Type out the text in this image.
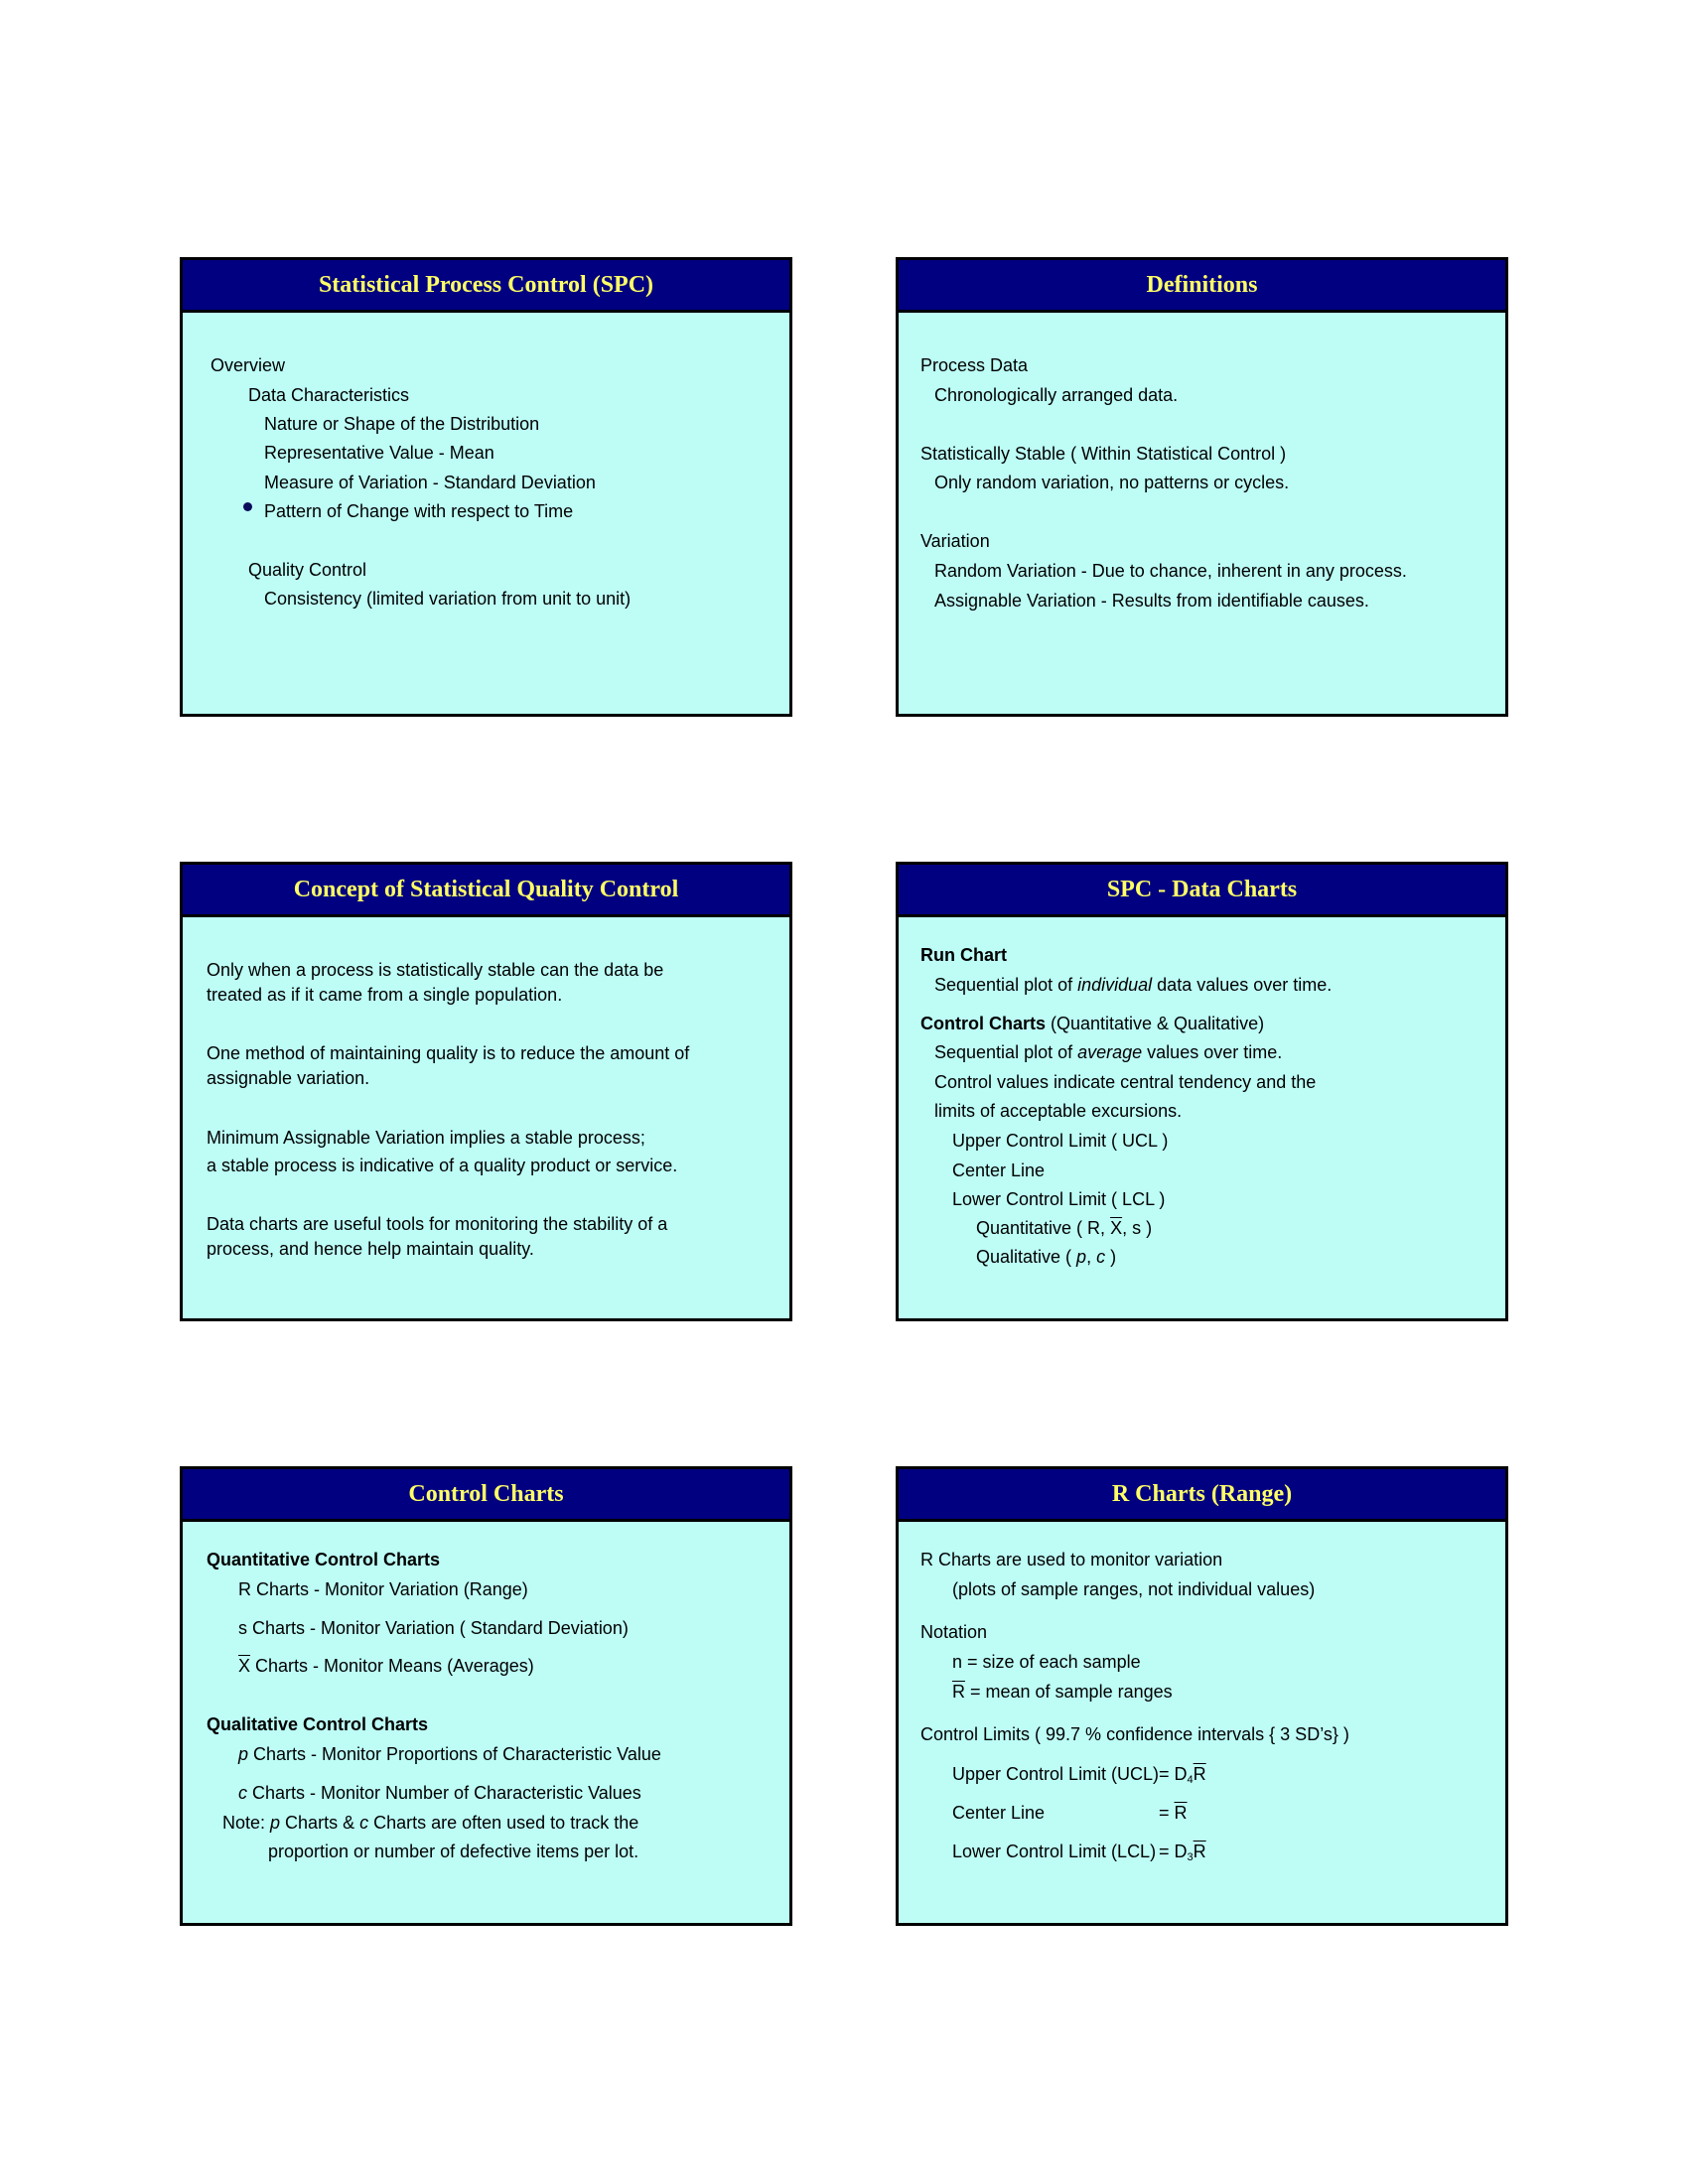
Statistical Process Control (SPC)
Overview
Data Characteristics
Nature or Shape of the Distribution
Representative Value - Mean
Measure of Variation - Standard Deviation
Pattern of Change with respect to Time
Quality Control
Consistency (limited variation from unit to unit)
Definitions
Process Data
Chronologically arranged data.
Statistically Stable ( Within Statistical Control )
Only random variation, no patterns or cycles.
Variation
Random Variation - Due to chance, inherent in any process.
Assignable Variation - Results from identifiable causes.
Concept of Statistical Quality Control
Only when a process is statistically stable can the data be
treated as if it came from a single population.
One method of maintaining quality is to reduce the amount of
assignable variation.
Minimum Assignable Variation implies a stable process;
a stable process is indicative of a quality product or service.
Data charts are useful tools for monitoring the stability of a
process, and hence help maintain quality.
SPC - Data Charts
Run Chart
Sequential plot of individual data values over time.
Control Charts (Quantitative & Qualitative)
Sequential plot of average values over time.
Control values indicate central tendency and the
limits of acceptable excursions.
Upper Control Limit ( UCL )
Center Line
Lower Control Limit ( LCL )
Quantitative ( R, $\overline{X}$, s )
Qualitative ( p, c )
Control Charts
Quantitative Control Charts
R Charts - Monitor Variation (Range)
s Charts - Monitor Variation ( Standard Deviation)
$\overline{X}$ Charts - Monitor Means (Averages)
Qualitative Control Charts
p Charts - Monitor Proportions of Characteristic Value
c Charts - Monitor Number of Characteristic Values
Note: p Charts & c Charts are often used to track the
proportion or number of defective items per lot.
R Charts (Range)
R Charts are used to monitor variation
(plots of sample ranges, not individual values)
Notation
n = size of each sample
$\overline{R}$ = mean of sample ranges
Control Limits ( 99.7 % confidence intervals { 3 SD’s} )
Upper Control Limit $(UCL) = D_4\overline{R}$
Center Line	= $\overline{R}$
Lower Control Limit $(LCL) = D_3\overline{R}$
